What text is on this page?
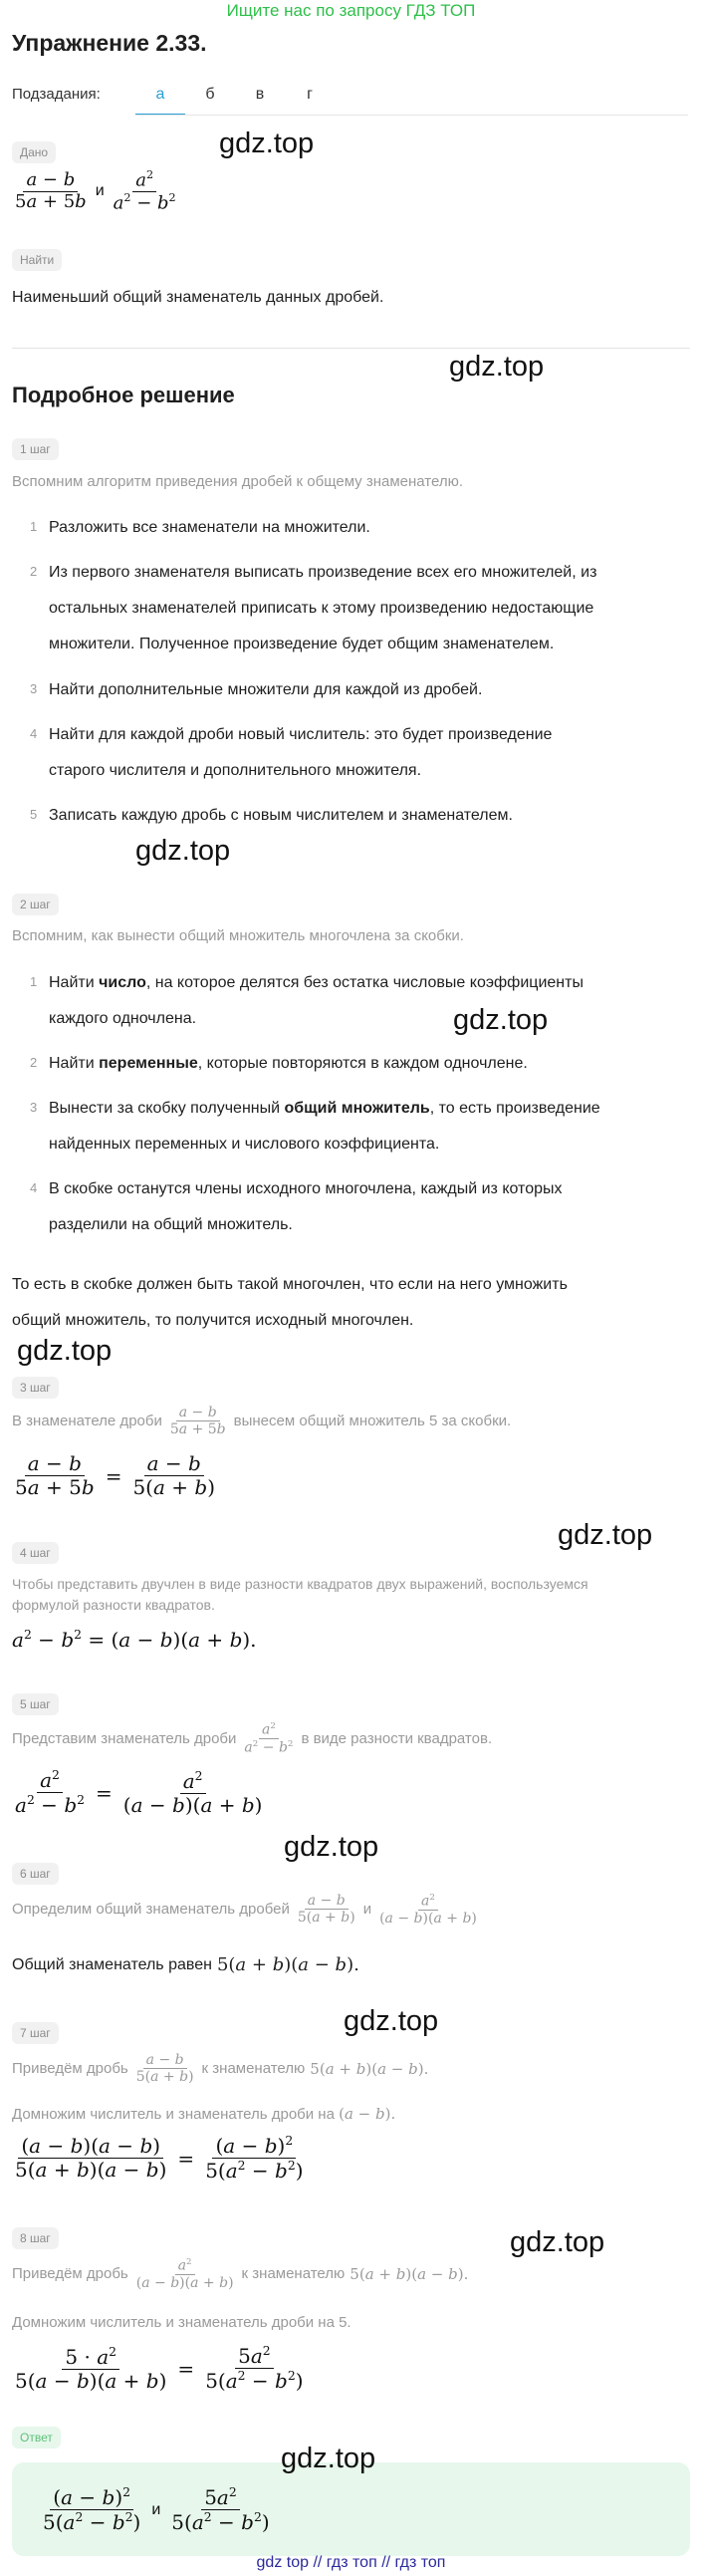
Ищите нас по запросу ГДЗ ТОП
Упражнение 2.33.
Подзадания:	а	б	в	г
Дано	gdz.top
$\frac{a - b}{5a + 5b}$ и $\frac{a^2}{a^2 - b^2}$
Найти
Наименьший общий знаменатель данных дробей.
gdz.top
Подробное решение
1 шаг
Вспомним алгоритм приведения дробей к общему знаменателю.
1 Разложить все знаменатели на множители.
2 Из первого знаменателя выписать произведение всех его множителей, из
остальных знаменателей приписать к этому произведению недостающие
множители. Полученное произведение будет общим знаменателем.
3 Найти дополнительные множители для каждой из дробей.
4 Найти для каждой дроби новый числитель: это будет произведение
старого числителя и дополнительного множителя.
5 Записать каждую дробь с новым числителем и знаменателем.
gdz.top
2 шаг
Вспомним, как вынести общий множитель многочлена за скобки.
1 Найти число, на которое делятся без остатка числовые коэффициенты
каждого одночлена.	gdz.top
2 Найти переменные, которые повторяются в каждом одночлене.
3 Вынести за скобку полученный общий множитель, то есть произведение
найденных переменных и числового коэффициента.
4 В скобке останутся члены исходного многочлена, каждый из которых
разделили на общий множитель.
То есть в скобке должен быть такой многочлен, что если на него умножить
общий множитель, то получится исходный многочлен.
gdz.top
3 шаг
В знаменателе дроби $\frac{a - b}{5a + 5b}$ вынесем общий множитель 5 за скобки.
$\frac{a - b}{5a + 5b} = \frac{a - b}{5(a + b)}$
gdz.top
4 шаг
Чтобы представить двучлен в виде разности квадратов двух выражений, воспользуемся
формулой разности квадратов.
$a^2 - b^2 = (a - b)(a + b)$.
5 шаг
Представим знаменатель дроби $\frac{a^2}{a^2 - b^2}$ в виде разности квадратов.
$\frac{a^2}{a^2 - b^2} = \frac{a^2}{(a - b)(a + b)}$
gdz.top
6 шаг
Определим общий знаменатель дробей $\frac{a - b}{5(a + b)}$ и $\frac{a^2}{(a - b)(a + b)}$
Общий знаменатель равен 5(a + b)(a − b).
gdz.top
7 шаг
Приведём дробь $\frac{a - b}{5(a + b)}$ к знаменателю 5(a + b)(a − b).
Домножим числитель и знаменатель дроби на (a − b).
$\frac{(a - b)(a - b)}{5(a + b)(a - b)} = \frac{(a - b)^2}{5(a^2 - b^2)}$
gdz.top
8 шаг
Приведём дробь $\frac{a^2}{(a - b)(a + b)}$ к знаменателю 5(a + b)(a − b).
Домножим числитель и знаменатель дроби на 5.
$\frac{5 \cdot a^2}{5(a - b)(a + b)} = \frac{5a^2}{5(a^2 - b^2)}$
Ответ
gdz.top
$\frac{(a - b)^2}{5(a^2 - b^2)}$ и $\frac{5a^2}{5(a^2 - b^2)}$
gdz top // гдз топ // гдз топ
